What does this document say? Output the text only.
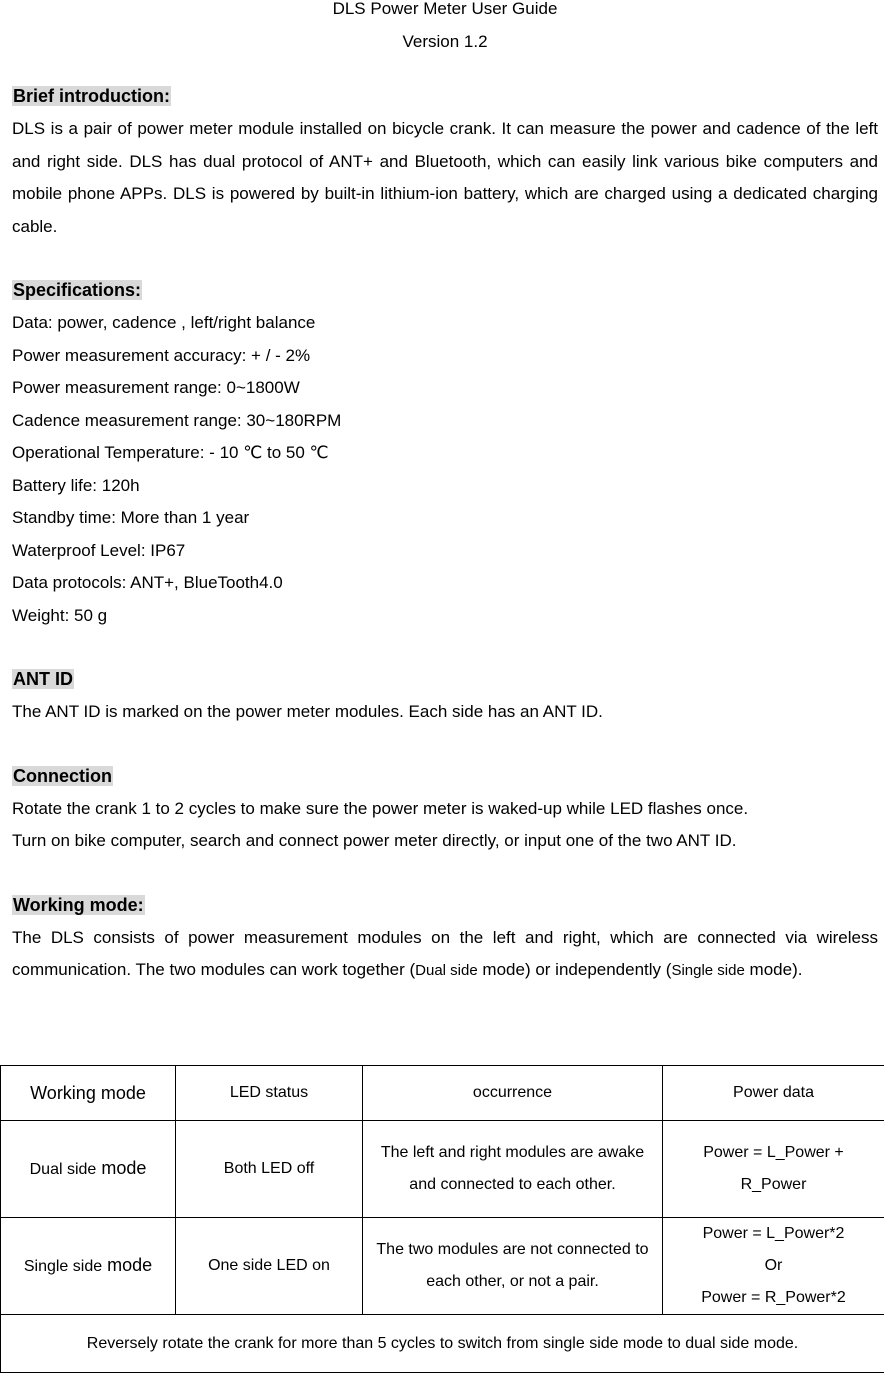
DLS Power Meter User Guide
Version 1.2
Brief introduction:
DLS is a pair of power meter module installed on bicycle crank. It can measure the power and cadence of the left and right side. DLS has dual protocol of ANT+ and Bluetooth, which can easily link various bike computers and mobile phone APPs. DLS is powered by built-in lithium-ion battery, which are charged using a dedicated charging cable.
Specifications:
Data: power, cadence , left/right balance
Power measurement accuracy: + / - 2%
Power measurement range: 0~1800W
Cadence measurement range: 30~180RPM
Operational Temperature: - 10 ℃ to 50 ℃
Battery life: 120h
Standby time: More than 1 year
Waterproof Level: IP67
Data protocols: ANT+, BlueTooth4.0
Weight: 50 g
ANT ID
The ANT ID is marked on the power meter modules. Each side has an ANT ID.
Connection
Rotate the crank 1 to 2 cycles to make sure the power meter is waked-up while LED flashes once.
Turn on bike computer, search and connect power meter directly, or input one of the two ANT ID.
Working mode:
The DLS consists of power measurement modules on the left and right, which are connected via wireless communication. The two modules can work together (Dual side mode) or independently (Single side mode).
Working mode	LED status	occurrence	Power data
Dual side mode	Both LED off	The left and right modules are awake and connected to each other.	Power = L_Power + R_Power
Single side mode	One side LED on	The two modules are not connected to each other, or not a pair.	Power = L_Power*2
Or
Power = R_Power*2

Reversely rotate the crank for more than 5 cycles to switch from single side mode to dual side mode.			
